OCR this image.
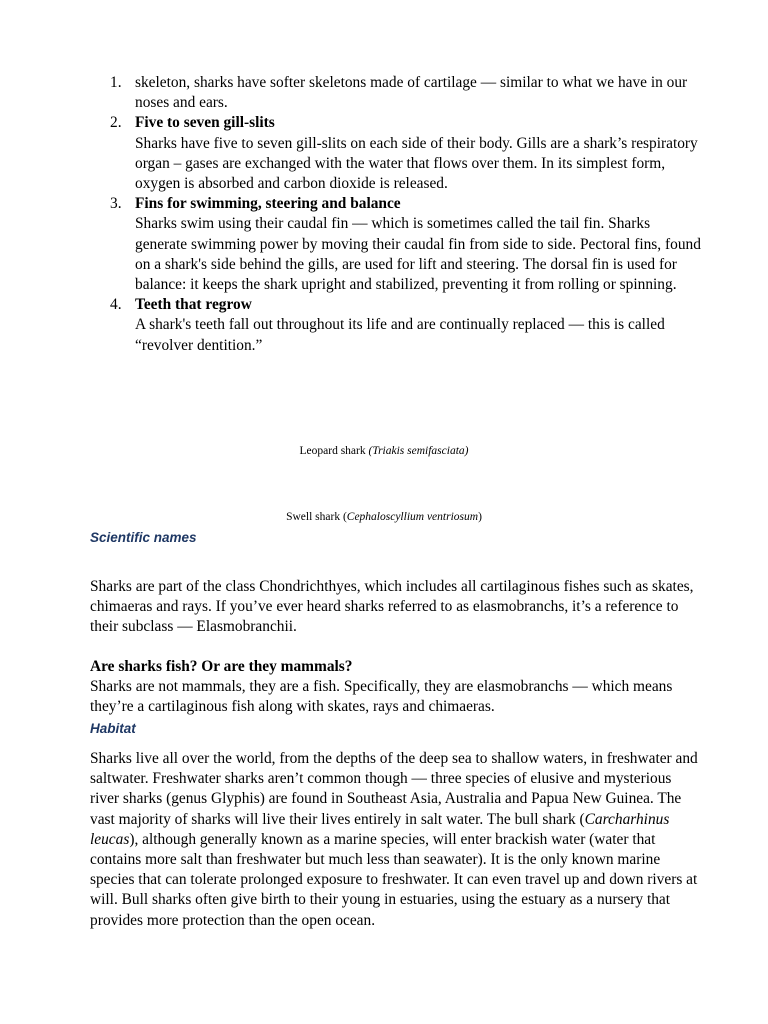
1. skeleton, sharks have softer skeletons made of cartilage — similar to what we have in our noses and ears.
2. Five to seven gill-slits
Sharks have five to seven gill-slits on each side of their body. Gills are a shark’s respiratory organ – gases are exchanged with the water that flows over them. In its simplest form, oxygen is absorbed and carbon dioxide is released.
3. Fins for swimming, steering and balance
Sharks swim using their caudal fin — which is sometimes called the tail fin. Sharks generate swimming power by moving their caudal fin from side to side. Pectoral fins, found on a shark's side behind the gills, are used for lift and steering. The dorsal fin is used for balance: it keeps the shark upright and stabilized, preventing it from rolling or spinning.
4. Teeth that regrow
A shark's teeth fall out throughout its life and are continually replaced — this is called “revolver dentition.”
Leopard shark (Triakis semifasciata)
Swell shark (Cephaloscyllium ventriosum)
Scientific names

Sharks are part of the class Chondrichthyes, which includes all cartilaginous fishes such as skates, chimaeras and rays. If you’ve ever heard sharks referred to as elasmobranchs, it’s a reference to their subclass — Elasmobranchii.

Are sharks fish? Or are they mammals?
Sharks are not mammals, they are a fish. Specifically, they are elasmobranchs — which means they’re a cartilaginous fish along with skates, rays and chimaeras.
Habitat

Sharks live all over the world, from the depths of the deep sea to shallow waters, in freshwater and saltwater. Freshwater sharks aren’t common though — three species of elusive and mysterious river sharks (genus Glyphis) are found in Southeast Asia, Australia and Papua New Guinea. The vast majority of sharks will live their lives entirely in salt water. The bull shark (Carcharhinus leucas), although generally known as a marine species, will enter brackish water (water that contains more salt than freshwater but much less than seawater). It is the only known marine species that can tolerate prolonged exposure to freshwater. It can even travel up and down rivers at will. Bull sharks often give birth to their young in estuaries, using the estuary as a nursery that provides more protection than the open ocean.
